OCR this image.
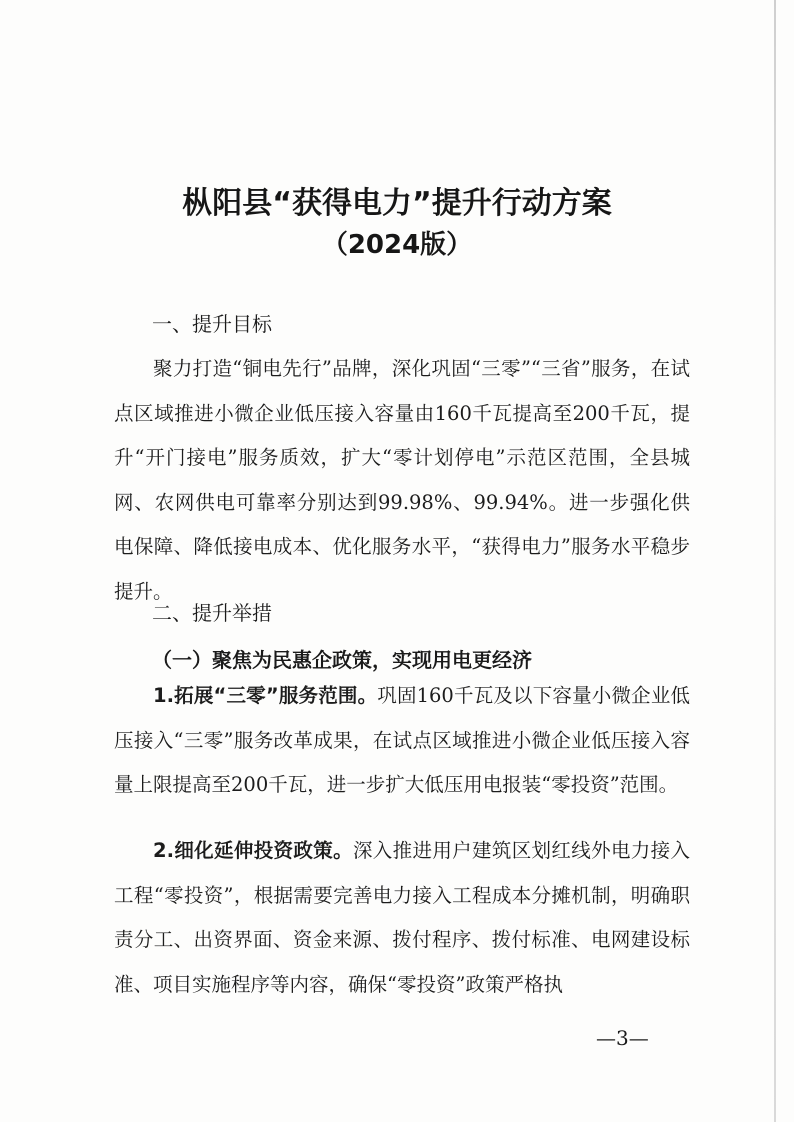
枞阳县“获得电力”提升行动方案
（2024版）
一、提升目标

聚力打造“铜电先行”品牌，深化巩固“三零”“三省”服务，在试点区域推进小微企业低压接入容量由160千瓦提高至200千瓦，提升“开门接电”服务质效，扩大“零计划停电”示范区范围，全县城网、农网供电可靠率分别达到99.98%、99.94%。进一步强化供电保障、降低接电成本、优化服务水平，“获得电力”服务水平稳步提升。

二、提升举措
（一）聚焦为民惠企政策，实现用电更经济

1.拓展“三零”服务范围。巩固160千瓦及以下容量小微企业低压接入“三零”服务改革成果，在试点区域推进小微企业低压接入容量上限提高至200千瓦，进一步扩大低压用电报装“零投资”范围。

2.细化延伸投资政策。深入推进用户建筑区划红线外电力接入工程“零投资”，根据需要完善电力接入工程成本分摊机制，明确职责分工、出资界面、资金来源、拨付程序、拨付标准、电网建设标准、项目实施程序等内容，确保“零投资”政策严格执

—3—
